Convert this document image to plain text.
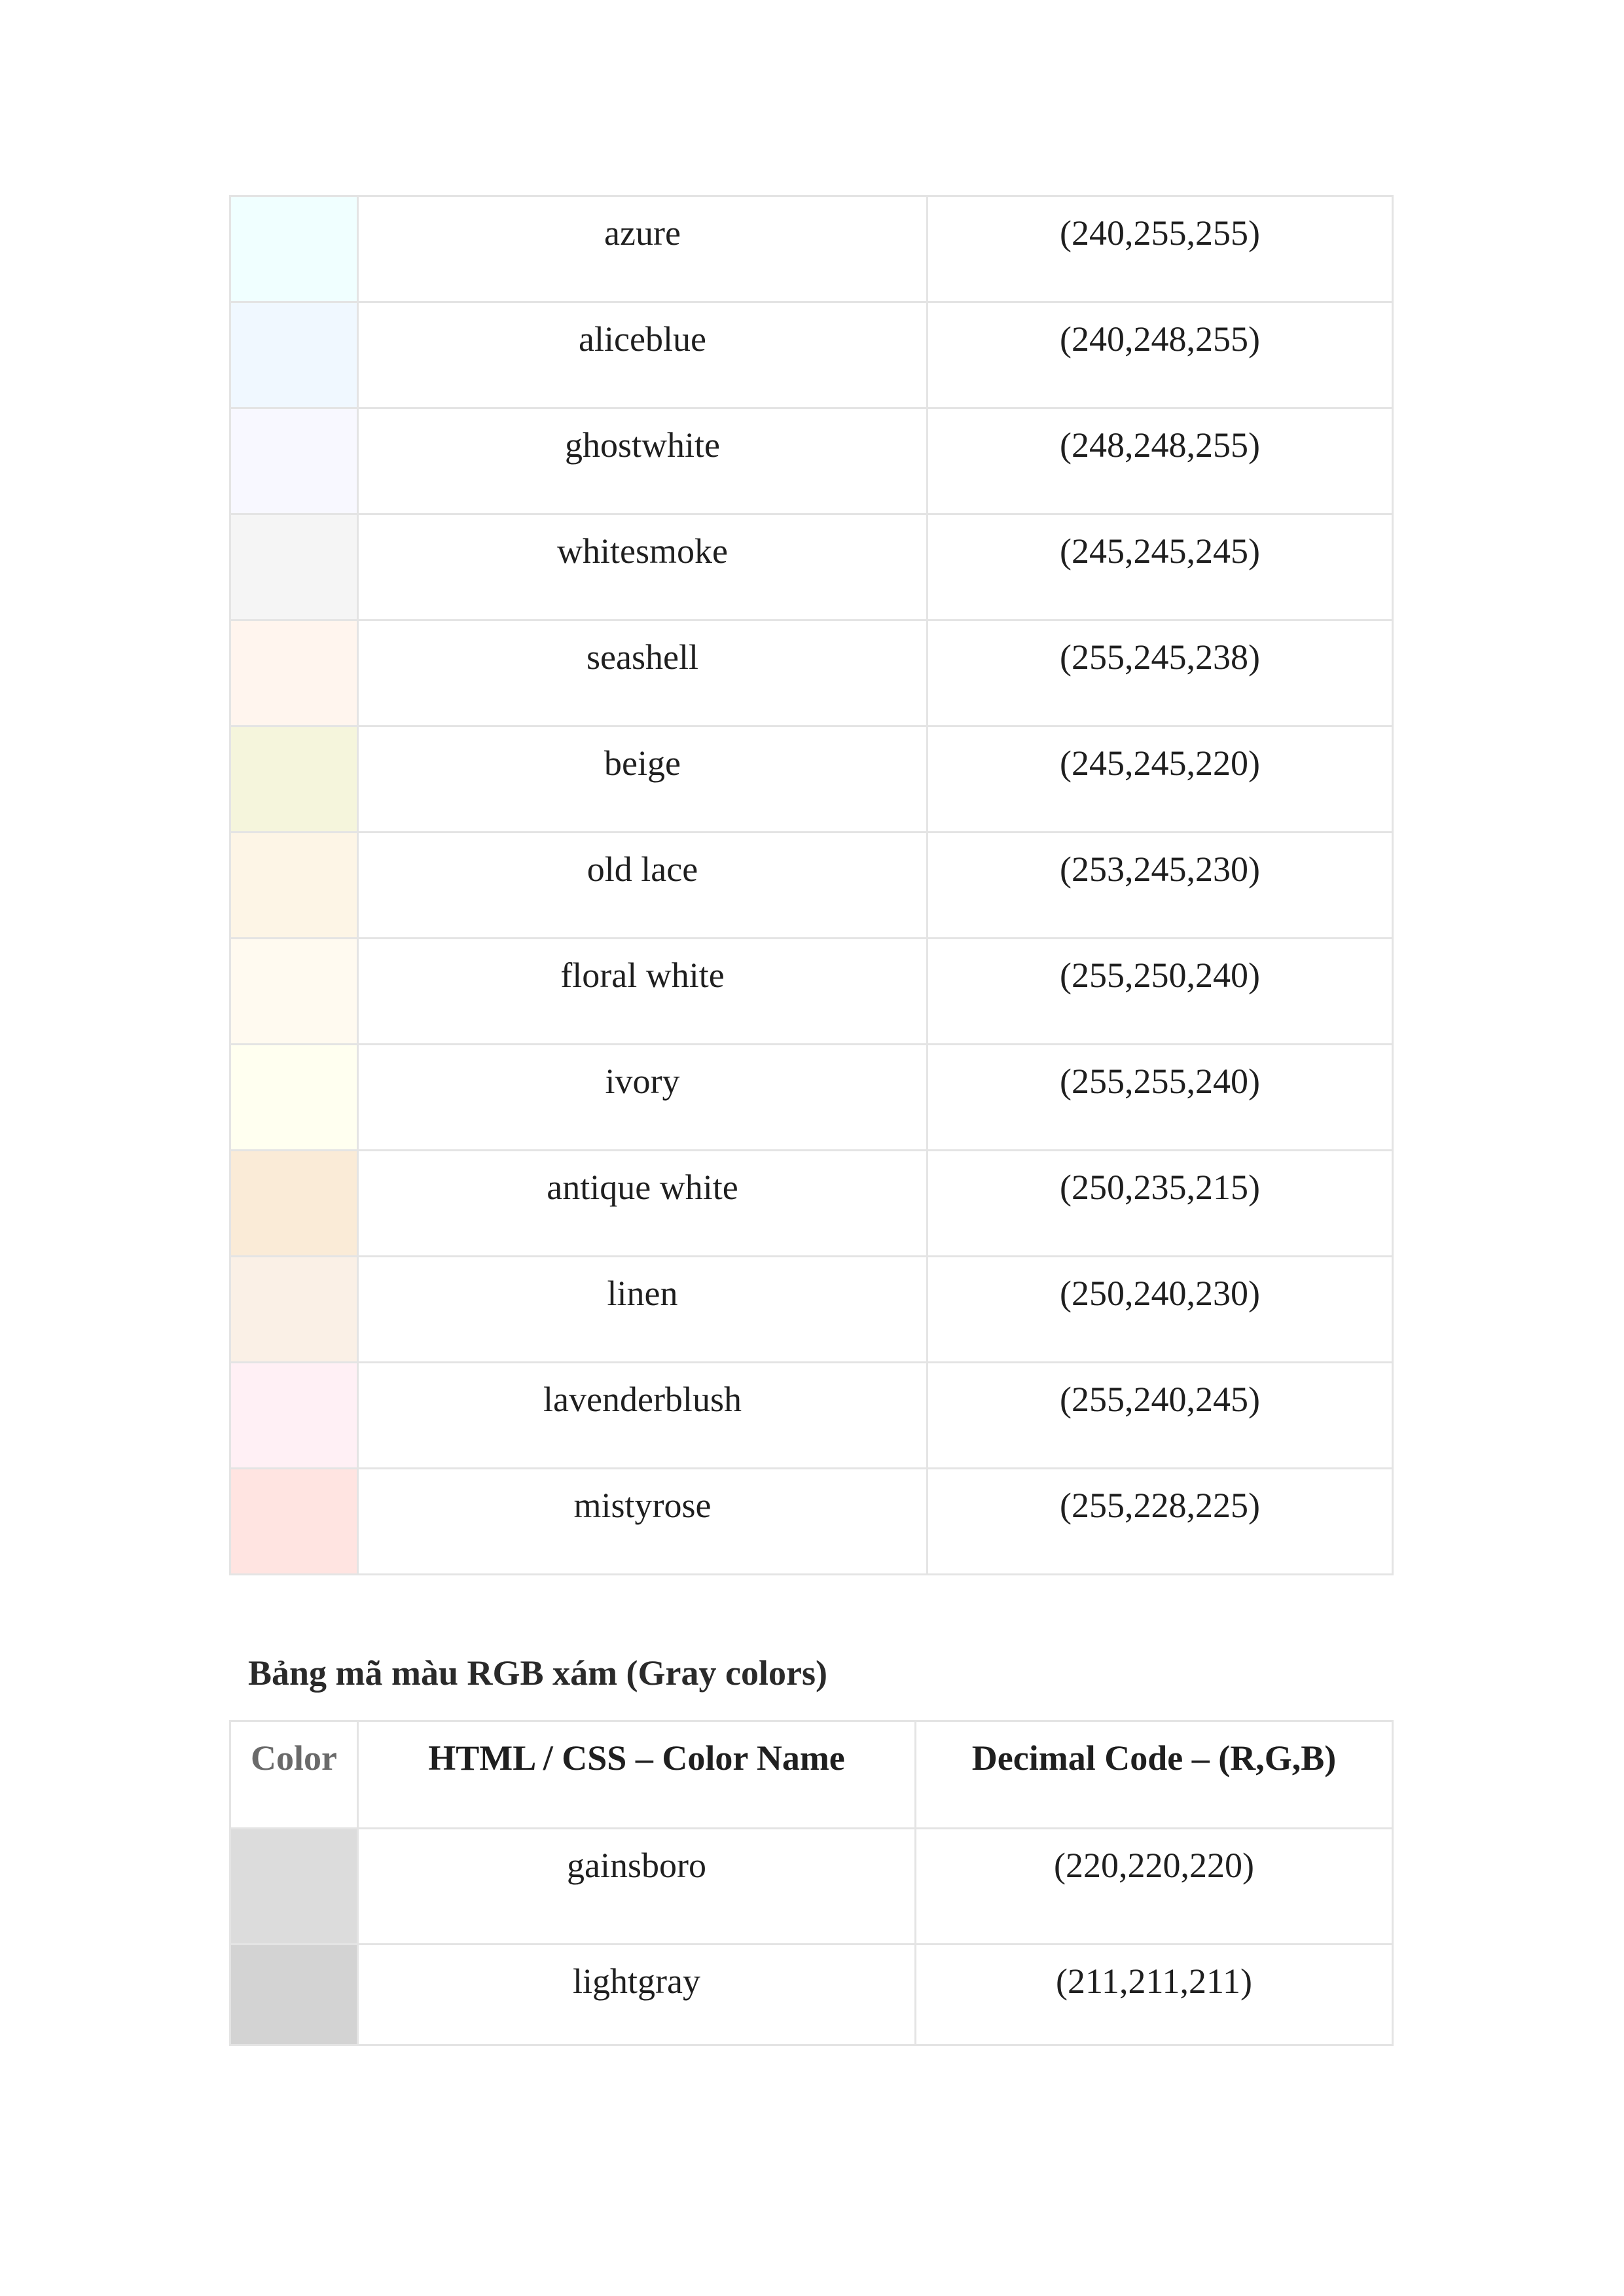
	azure	(240,255,255)
	aliceblue	(240,248,255)
	ghostwhite	(248,248,255)
	whitesmoke	(245,245,245)
	seashell	(255,245,238)
	beige	(245,245,220)
	old lace	(253,245,230)
	floral white	(255,250,240)
	ivory	(255,255,240)
	antique white	(250,235,215)
	linen	(250,240,230)
	lavenderblush	(255,240,245)
	mistyrose	(255,228,225)
Bảng mã màu RGB xám (Gray colors)
Color	HTML / CSS – Color Name	Decimal Code – (R,G,B)
	gainsboro	(220,220,220)
	lightgray	(211,211,211)
